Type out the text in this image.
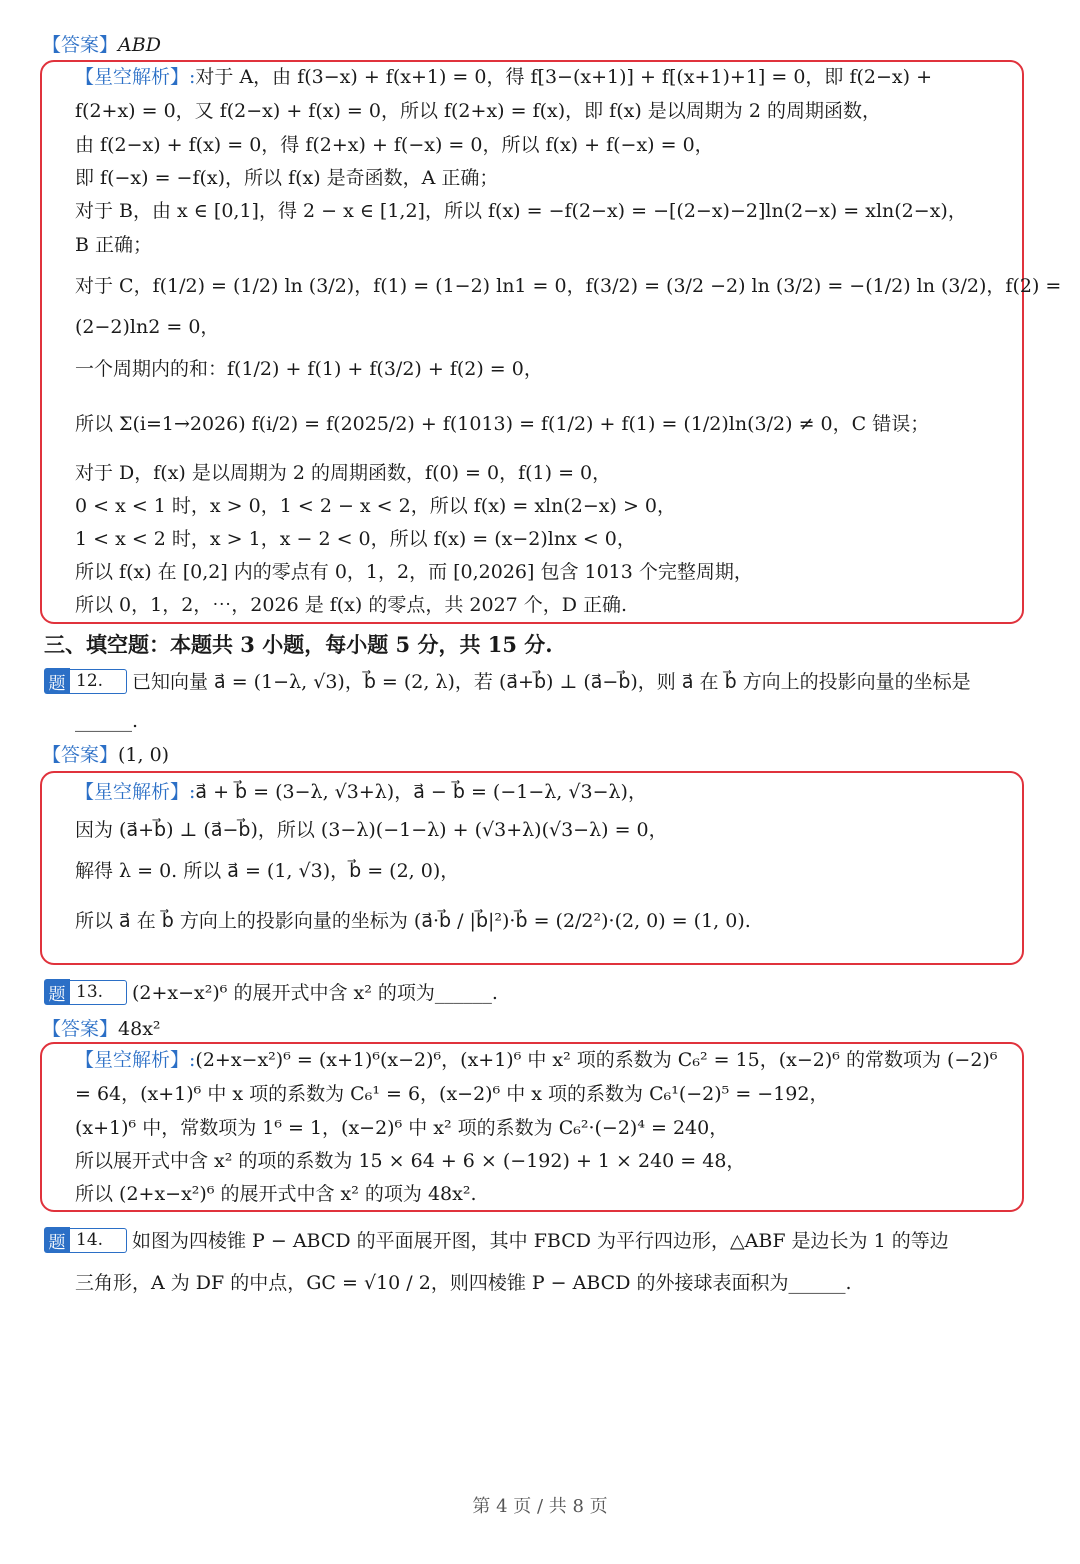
【答案】ABD
【星空解析】:对于 A，由 f(3−x) + f(x+1) = 0，得 f[3−(x+1)] + f[(x+1)+1] = 0，即 f(2−x) +
f(2+x) = 0，又 f(2−x) + f(x) = 0，所以 f(2+x) = f(x)，即 f(x) 是以周期为 2 的周期函数，
由 f(2−x) + f(x) = 0，得 f(2+x) + f(−x) = 0，所以 f(x) + f(−x) = 0，
即 f(−x) = −f(x)，所以 f(x) 是奇函数，A 正确；
对于 B，由 x ∈ [0,1]，得 2 − x ∈ [1,2]，所以 f(x) = −f(2−x) = −[(2−x)−2]ln(2−x) = xln(2−x)，
B 正确；
对于 C，f(1/2) = (1/2) ln (3/2)，f(1) = (1−2) ln1 = 0，f(3/2) = (3/2 −2) ln (3/2) = −(1/2) ln (3/2)，f(2) =
(2−2)ln2 = 0，
一个周期内的和：f(1/2) + f(1) + f(3/2) + f(2) = 0，
所以 Σ(i=1→2026) f(i/2) = f(2025/2) + f(1013) = f(1/2) + f(1) = (1/2)ln(3/2) ≠ 0，C 错误；
对于 D，f(x) 是以周期为 2 的周期函数，f(0) = 0，f(1) = 0，
0 < x < 1 时，x > 0，1 < 2 − x < 2，所以 f(x) = xln(2−x) > 0，
1 < x < 2 时，x > 1，x − 2 < 0，所以 f(x) = (x−2)lnx < 0，
所以 f(x) 在 [0,2] 内的零点有 0，1，2，而 [0,2026] 包含 1013 个完整周期，
所以 0，1，2，⋯，2026 是 f(x) 的零点，共 2027 个，D 正确.
三、填空题：本题共 3 小题，每小题 5 分，共 15 分.
题 12.	已知向量 a⃗ = (1−λ, √3)，b⃗ = (2, λ)，若 (a⃗+b⃗) ⊥ (a⃗−b⃗)，则 a⃗ 在 b⃗ 方向上的投影向量的坐标是
______.
【答案】(1, 0)
【星空解析】:a⃗ + b⃗ = (3−λ, √3+λ)，a⃗ − b⃗ = (−1−λ, √3−λ)，
因为 (a⃗+b⃗) ⊥ (a⃗−b⃗)，所以 (3−λ)(−1−λ) + (√3+λ)(√3−λ) = 0，
解得 λ = 0. 所以 a⃗ = (1, √3)，b⃗ = (2, 0)，
所以 a⃗ 在 b⃗ 方向上的投影向量的坐标为 (a⃗·b⃗ / |b⃗|²)·b⃗ = (2/2²)·(2, 0) = (1, 0).
题 13.	(2+x−x²)⁶ 的展开式中含 x² 的项为______.
【答案】48x²
【星空解析】:(2+x−x²)⁶ = (x+1)⁶(x−2)⁶，(x+1)⁶ 中 x² 项的系数为 C₆² = 15，(x−2)⁶ 的常数项为 (−2)⁶
= 64，(x+1)⁶ 中 x 项的系数为 C₆¹ = 6，(x−2)⁶ 中 x 项的系数为 C₆¹(−2)⁵ = −192，
(x+1)⁶ 中，常数项为 1⁶ = 1，(x−2)⁶ 中 x² 项的系数为 C₆²·(−2)⁴ = 240，
所以展开式中含 x² 的项的系数为 15 × 64 + 6 × (−192) + 1 × 240 = 48，
所以 (2+x−x²)⁶ 的展开式中含 x² 的项为 48x².
题 14.	如图为四棱锥 P − ABCD 的平面展开图，其中 FBCD 为平行四边形，△ABF 是边长为 1 的等边
三角形，A 为 DF 的中点，GC = √10 / 2，则四棱锥 P − ABCD 的外接球表面积为______.
第 4 页 / 共 8 页
